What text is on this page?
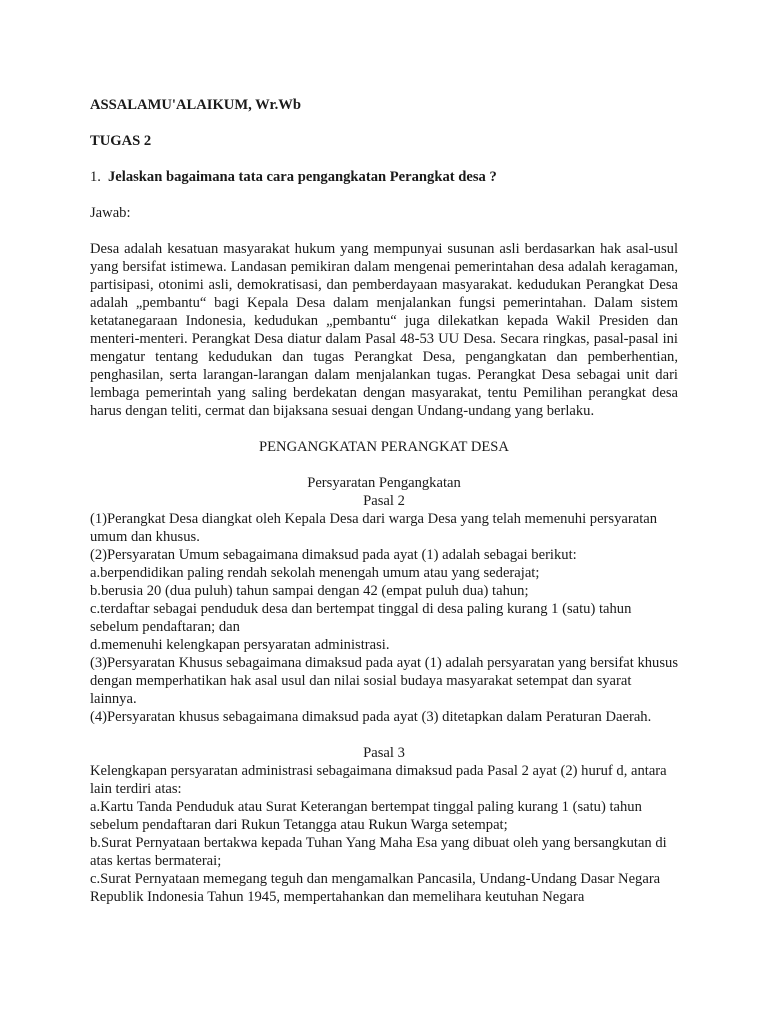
ASSALAMU'ALAIKUM, Wr.Wb

TUGAS 2

1. Jelaskan bagaimana tata cara pengangkatan Perangkat desa ?

Jawab:

Desa adalah kesatuan masyarakat hukum yang mempunyai susunan asli berdasarkan hak asal-usul yang bersifat istimewa. Landasan pemikiran dalam mengenai pemerintahan desa adalah keragaman, partisipasi, otonimi asli, demokratisasi, dan pemberdayaan masyarakat. kedudukan Perangkat Desa adalah „pembantu“ bagi Kepala Desa dalam menjalankan fungsi pemerintahan. Dalam sistem ketatanegaraan Indonesia, kedudukan „pembantu“ juga dilekatkan kepada Wakil Presiden dan menteri-menteri. Perangkat Desa diatur dalam Pasal 48-53 UU Desa. Secara ringkas, pasal-pasal ini mengatur tentang kedudukan dan tugas Perangkat Desa, pengangkatan dan pemberhentian, penghasilan, serta larangan-larangan dalam menjalankan tugas. Perangkat Desa sebagai unit dari lembaga pemerintah yang saling berdekatan dengan masyarakat, tentu Pemilihan perangkat desa harus dengan teliti, cermat dan bijaksana sesuai dengan Undang-undang yang berlaku.

PENGANGKATAN PERANGKAT DESA

Persyaratan Pengangkatan

Pasal 2

(1)Perangkat Desa diangkat oleh Kepala Desa dari warga Desa yang telah memenuhi persyaratan umum dan khusus.

(2)Persyaratan Umum sebagaimana dimaksud pada ayat (1) adalah sebagai berikut:

a.berpendidikan paling rendah sekolah menengah umum atau yang sederajat;

b.berusia 20 (dua puluh) tahun sampai dengan 42 (empat puluh dua) tahun;

c.terdaftar sebagai penduduk desa dan bertempat tinggal di desa paling kurang 1 (satu) tahun sebelum pendaftaran; dan

d.memenuhi kelengkapan persyaratan administrasi.

(3)Persyaratan Khusus sebagaimana dimaksud pada ayat (1) adalah persyaratan yang bersifat khusus dengan memperhatikan hak asal usul dan nilai sosial budaya masyarakat setempat dan syarat lainnya.

(4)Persyaratan khusus sebagaimana dimaksud pada ayat (3) ditetapkan dalam Peraturan Daerah.

Pasal 3

Kelengkapan persyaratan administrasi sebagaimana dimaksud pada Pasal 2 ayat (2) huruf d, antara lain terdiri atas:

a.Kartu Tanda Penduduk atau Surat Keterangan bertempat tinggal paling kurang 1 (satu) tahun sebelum pendaftaran dari Rukun Tetangga atau Rukun Warga setempat;

b.Surat Pernyataan bertakwa kepada Tuhan Yang Maha Esa yang dibuat oleh yang bersangkutan di atas kertas bermaterai;

c.Surat Pernyataan memegang teguh dan mengamalkan Pancasila, Undang-Undang Dasar Negara Republik Indonesia Tahun 1945, mempertahankan dan memelihara keutuhan Negara
